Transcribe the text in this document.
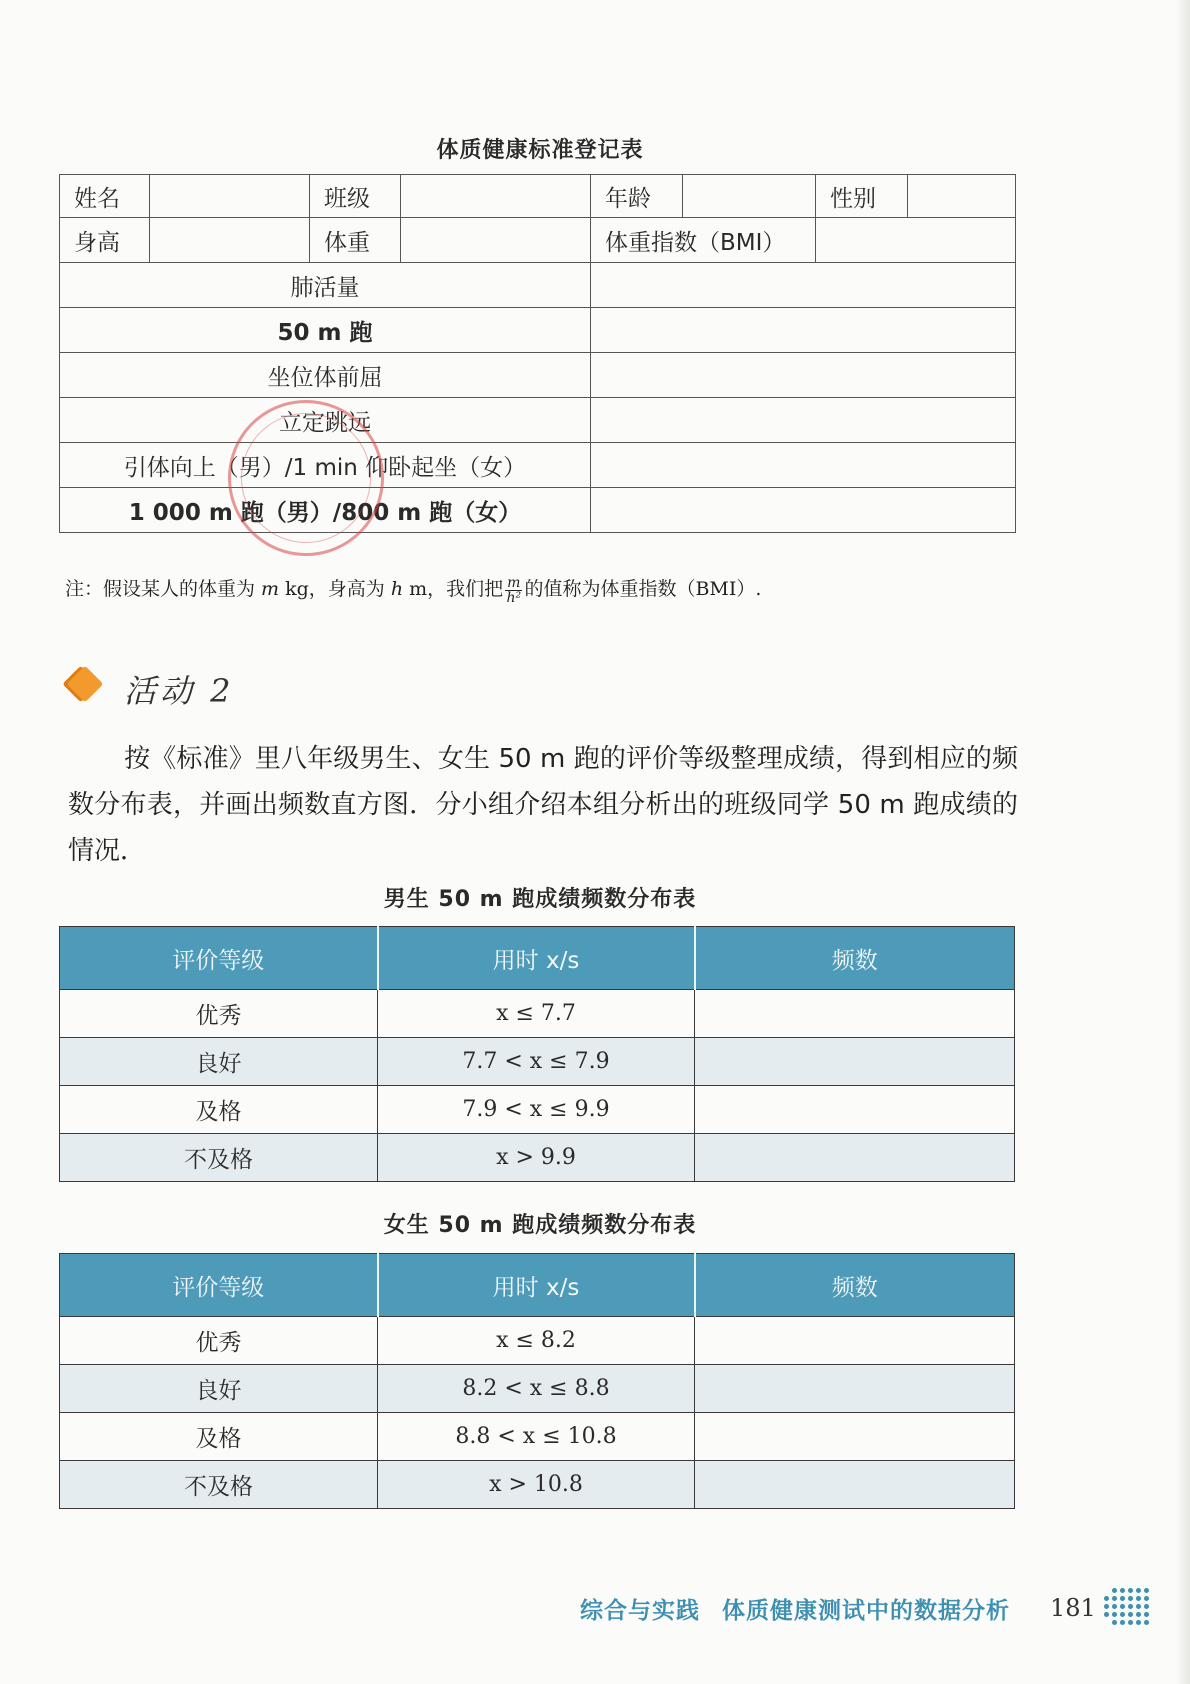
体质健康标准登记表
姓名		班级		年龄		性别	
身高		体重		体重指数（BMI）			
肺活量							
50 m 跑							
坐位体前屈							
立定跳远							
引体向上（男）/1 min 仰卧起坐（女）							
1 000 m 跑（男）/800 m 跑（女）							
注：假设某人的体重为 m kg，身高为 h m，我们把 $\frac{m}{\text{h²}}$ 的值称为体重指数（BMI）.
活动 2
按《标准》里八年级男生、女生 50 m 跑的评价等级整理成绩，得到相应的频数分布表，并画出频数直方图．分小组介绍本组分析出的班级同学 50 m 跑成绩的情况．
男生 50 m 跑成绩频数分布表
评价等级	用时 x/s	频数
优秀	x ≤ 7.7	
良好	7.7 < x ≤ 7.9	
及格	7.9 < x ≤ 9.9	
不及格	x > 9.9	
女生 50 m 跑成绩频数分布表
评价等级	用时 x/s	频数
优秀	x ≤ 8.2	
良好	8.2 < x ≤ 8.8	
及格	8.8 < x ≤ 10.8	
不及格	x > 10.8	
综合与实践 体质健康测试中的数据分析 181
